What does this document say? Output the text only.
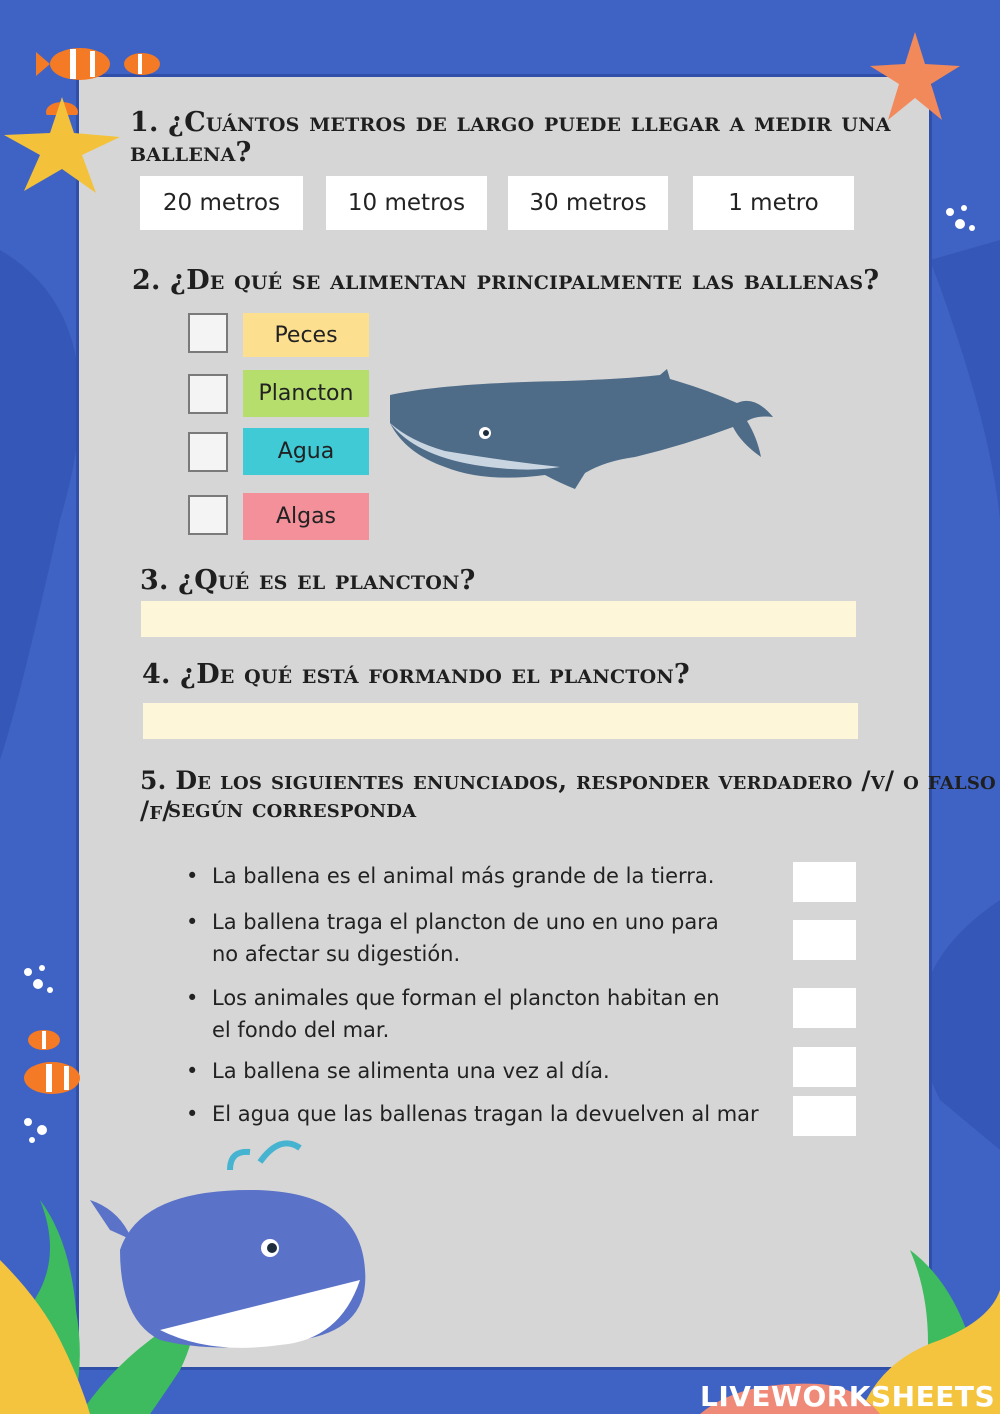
1. ¿Cuántos metros de largo puede llegar a medir una ballena?
20 metros	10 metros	30 metros	1 metro
2. ¿De qué se alimentan principalmente las ballenas?
Peces
Plancton
Agua
Algas
3. ¿Qué es el plancton?
4. ¿De qué está formando el plancton?
5. De los siguientes enunciados, responder verdadero /v/ o falso /f/
según corresponda
• La ballena es el animal más grande de la tierra.
• La ballena traga el plancton de uno en uno para
no afectar su digestión.
• Los animales que forman el plancton habitan en
el fondo del mar.
• La ballena se alimenta una vez al día.
• El agua que las ballenas tragan la devuelven al mar
LIVEWORKSHEETS
